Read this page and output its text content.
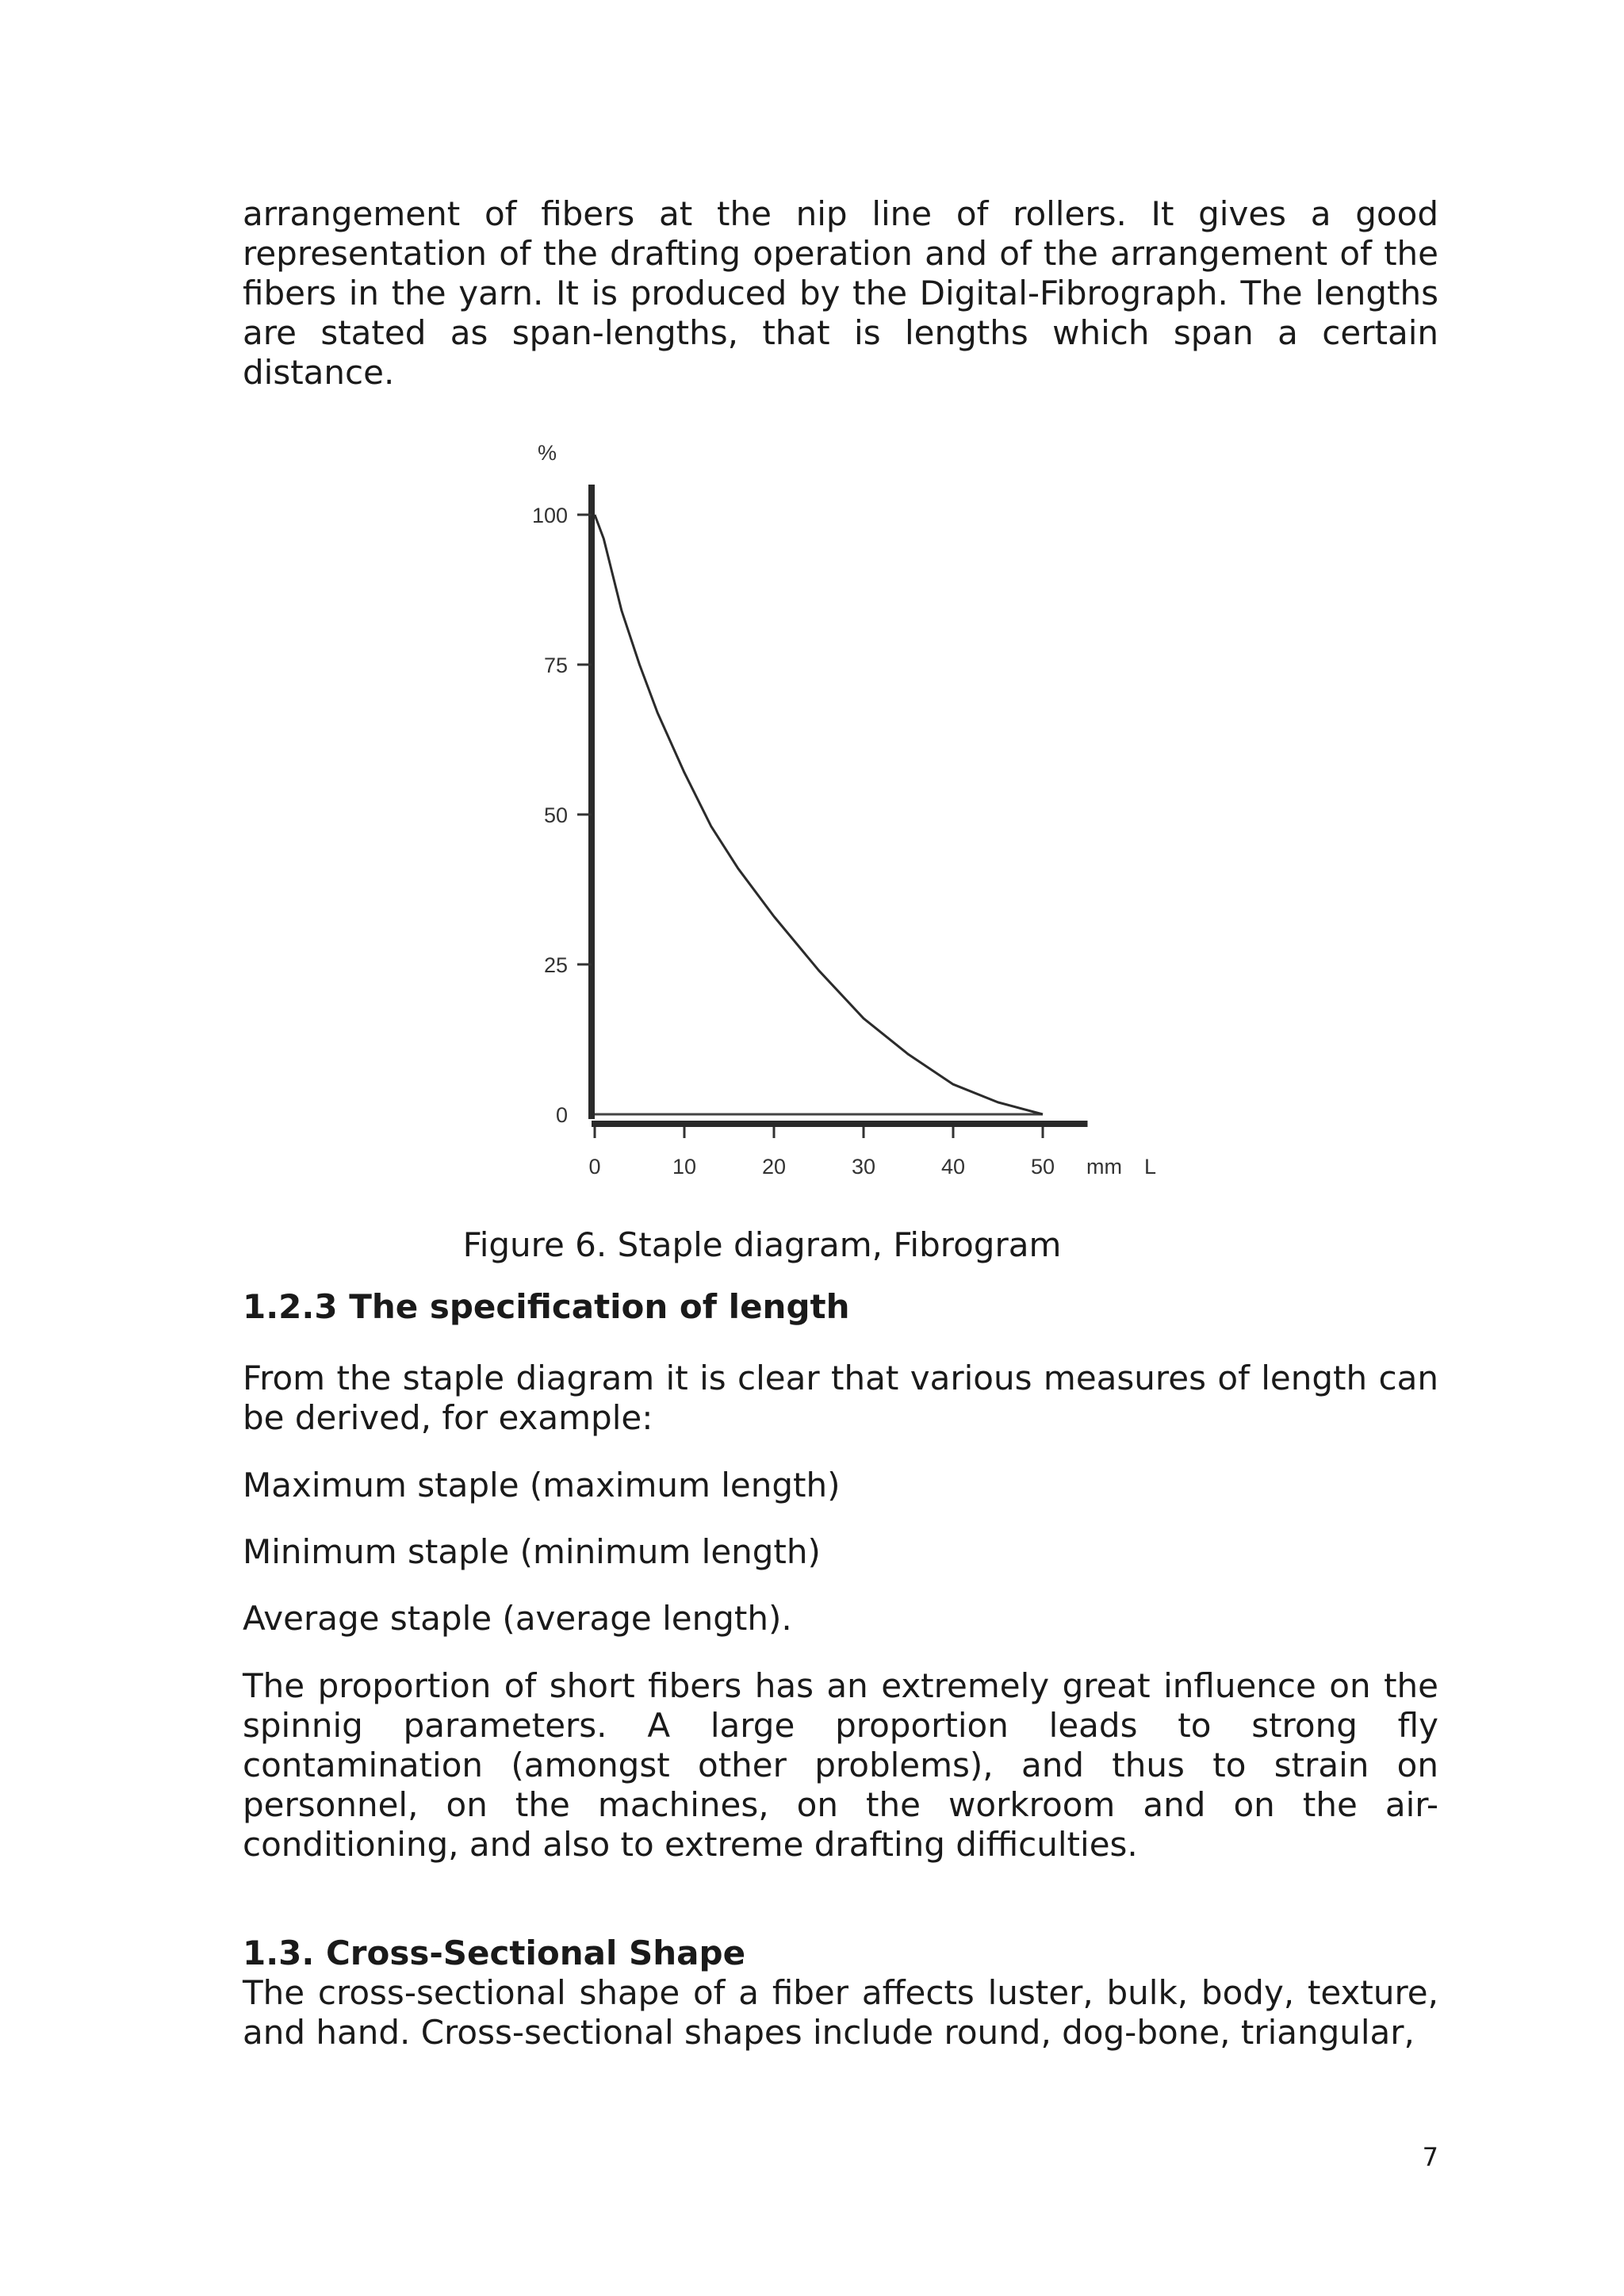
arrangement of fibers at the nip line of rollers. It gives a good representation of the drafting operation and of the arrangement of the fibers in the yarn. It is produced by the Digital-Fibrograph. The lengths are stated as span-lengths, that is lengths which span a certain distance.
%
mm L
100
75
50
25
0
0	10	20	30	40	50
Figure 6. Staple diagram, Fibrogram
1.2.3 The specification of length
From the staple diagram it is clear that various measures of length can be derived, for example:
Maximum staple (maximum length)
Minimum staple (minimum length)
Average staple (average length).
The proportion of short fibers has an extremely great influence on the spinnig parameters. A large proportion leads to strong fly contamination (amongst other problems), and thus to strain on personnel, on the machines, on the workroom and on the air-conditioning, and also to extreme drafting difficulties.
1.3. Cross-Sectional Shape
The cross-sectional shape of a fiber affects luster, bulk, body, texture, and hand. Cross-sectional shapes include round, dog-bone, triangular,
7
